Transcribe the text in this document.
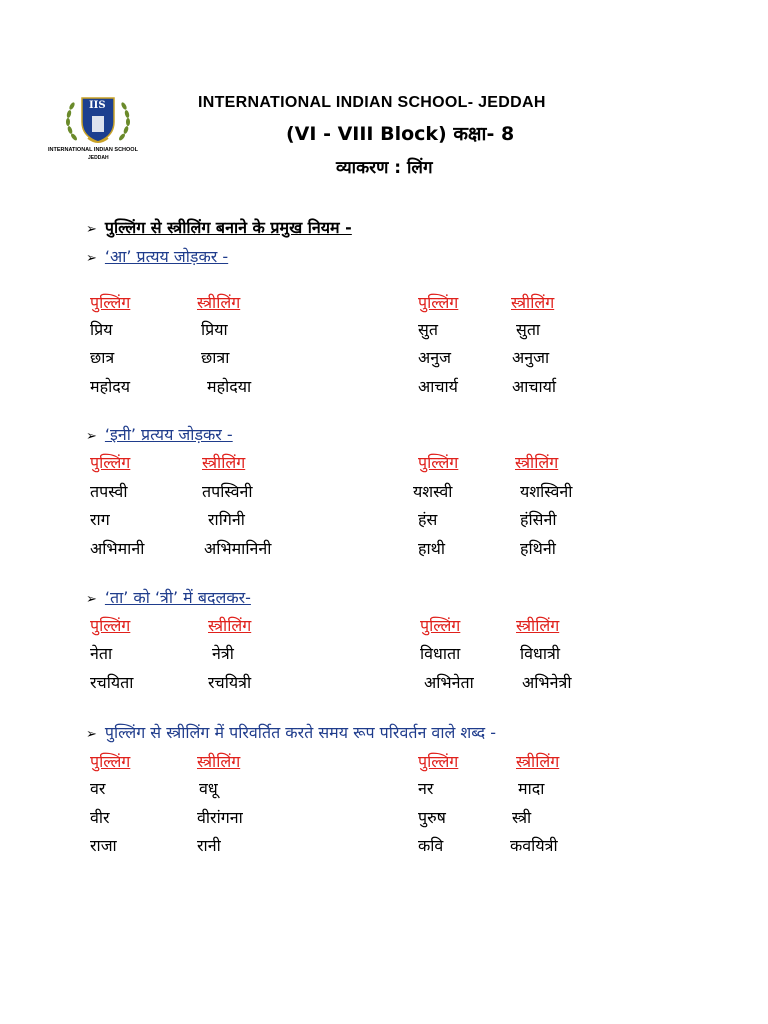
IIS
INTERNATIONAL INDIAN SCHOOL
JEDDAH
INTERNATIONAL INDIAN SCHOOL- JEDDAH
(VI - VIII Block) कक्षा- 8
व्याकरण : लिंग
➢ पुल्लिंग से स्त्रीलिंग बनाने के प्रमुख नियम -
➢ ‘आ’ प्रत्यय जोड़कर -
पुल्लिंग	स्त्रीलिंग	पुल्लिंग	स्त्रीलिंग
प्रिय	प्रिया	सुत	सुता
छात्र	छात्रा	अनुज	अनुजा
महोदय	महोदया	आचार्य	आचार्या
➢ ‘इनी’ प्रत्यय जोड़कर -
पुल्लिंग	स्त्रीलिंग	पुल्लिंग	स्त्रीलिंग
तपस्वी	तपस्विनी	यशस्वी	यशस्विनी
राग	रागिनी	हंस	हंसिनी
अभिमानी	अभिमानिनी	हाथी	हथिनी
➢ ‘ता’ को ‘त्री’ में बदलकर-
पुल्लिंग	स्त्रीलिंग	पुल्लिंग	स्त्रीलिंग
नेता	नेत्री	विधाता	विधात्री
रचयिता	रचयित्री	अभिनेता	अभिनेत्री
➢ पुल्लिंग से स्त्रीलिंग में परिवर्तित करते समय रूप परिवर्तन वाले शब्द -
पुल्लिंग	स्त्रीलिंग	पुल्लिंग	स्त्रीलिंग
वर	वधू	नर	मादा
वीर	वीरांगना	पुरुष	स्त्री
राजा	रानी	कवि	कवयित्री
